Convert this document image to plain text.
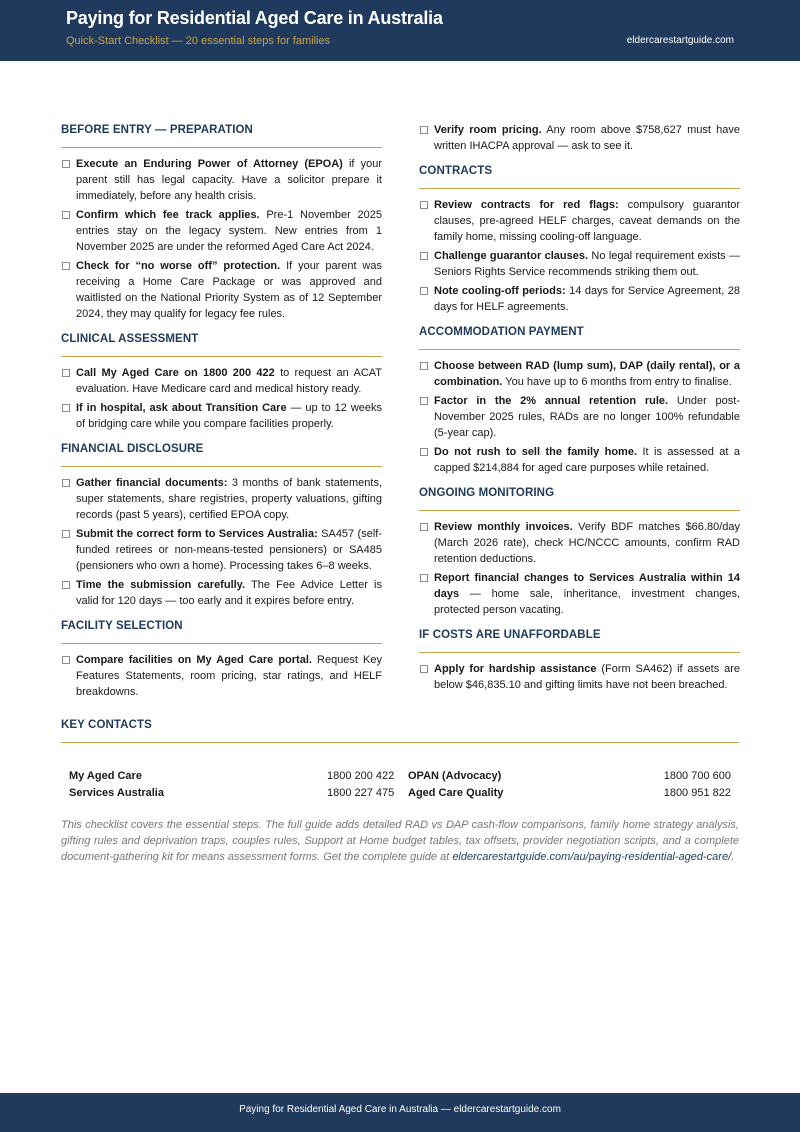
Paying for Residential Aged Care in Australia
Quick-Start Checklist — 20 essential steps for families	eldercarestartguide.com
BEFORE ENTRY — PREPARATION
Execute an Enduring Power of Attorney (EPOA) if your parent still has legal capacity. Have a solicitor prepare it immediately, before any health crisis.
Confirm which fee track applies. Pre-1 November 2025 entries stay on the legacy system. New entries from 1 November 2025 are under the reformed Aged Care Act 2024.
Check for “no worse off” protection. If your parent was receiving a Home Care Package or was approved and waitlisted on the National Priority System as of 12 September 2024, they may qualify for legacy fee rules.
CLINICAL ASSESSMENT
Call My Aged Care on 1800 200 422 to request an ACAT evaluation. Have Medicare card and medical history ready.
If in hospital, ask about Transition Care — up to 12 weeks of bridging care while you compare facilities properly.
FINANCIAL DISCLOSURE
Gather financial documents: 3 months of bank statements, super statements, share registries, property valuations, gifting records (past 5 years), certified EPOA copy.
Submit the correct form to Services Australia: SA457 (self-funded retirees or non-means-tested pensioners) or SA485 (pensioners who own a home). Processing takes 6–8 weeks.
Time the submission carefully. The Fee Advice Letter is valid for 120 days — too early and it expires before entry.
FACILITY SELECTION
Compare facilities on My Aged Care portal. Request Key Features Statements, room pricing, star ratings, and HELF breakdowns.
Verify room pricing. Any room above $758,627 must have written IHACPA approval — ask to see it.
CONTRACTS
Review contracts for red flags: compulsory guarantor clauses, pre-agreed HELF charges, caveat demands on the family home, missing cooling-off language.
Challenge guarantor clauses. No legal requirement exists — Seniors Rights Service recommends striking them out.
Note cooling-off periods: 14 days for Service Agreement, 28 days for HELF agreements.
ACCOMMODATION PAYMENT
Choose between RAD (lump sum), DAP (daily rental), or a combination. You have up to 6 months from entry to finalise.
Factor in the 2% annual retention rule. Under post-November 2025 rules, RADs are no longer 100% refundable (5-year cap).
Do not rush to sell the family home. It is assessed at a capped $214,884 for aged care purposes while retained.
ONGOING MONITORING
Review monthly invoices. Verify BDF matches $66.80/day (March 2026 rate), check HC/NCCC amounts, confirm RAD retention deductions.
Report financial changes to Services Australia within 14 days — home sale, inheritance, investment changes, protected person vacating.
IF COSTS ARE UNAFFORDABLE
Apply for hardship assistance (Form SA462) if assets are below $46,835.10 and gifting limits have not been breached.
KEY CONTACTS
My Aged Care	1800 200 422 OPAN (Advocacy)	1800 700 600
Services Australia	1800 227 475 Aged Care Quality	1800 951 822
This checklist covers the essential steps. The full guide adds detailed RAD vs DAP cash-flow comparisons, family home strategy analysis, gifting rules and deprivation traps, couples rules, Support at Home budget tables, tax offsets, provider negotiation scripts, and a complete document-gathering kit for means assessment forms. Get the complete guide at eldercarestartguide.com/au/paying-residential-aged-care/.
Paying for Residential Aged Care in Australia — eldercarestartguide.com
